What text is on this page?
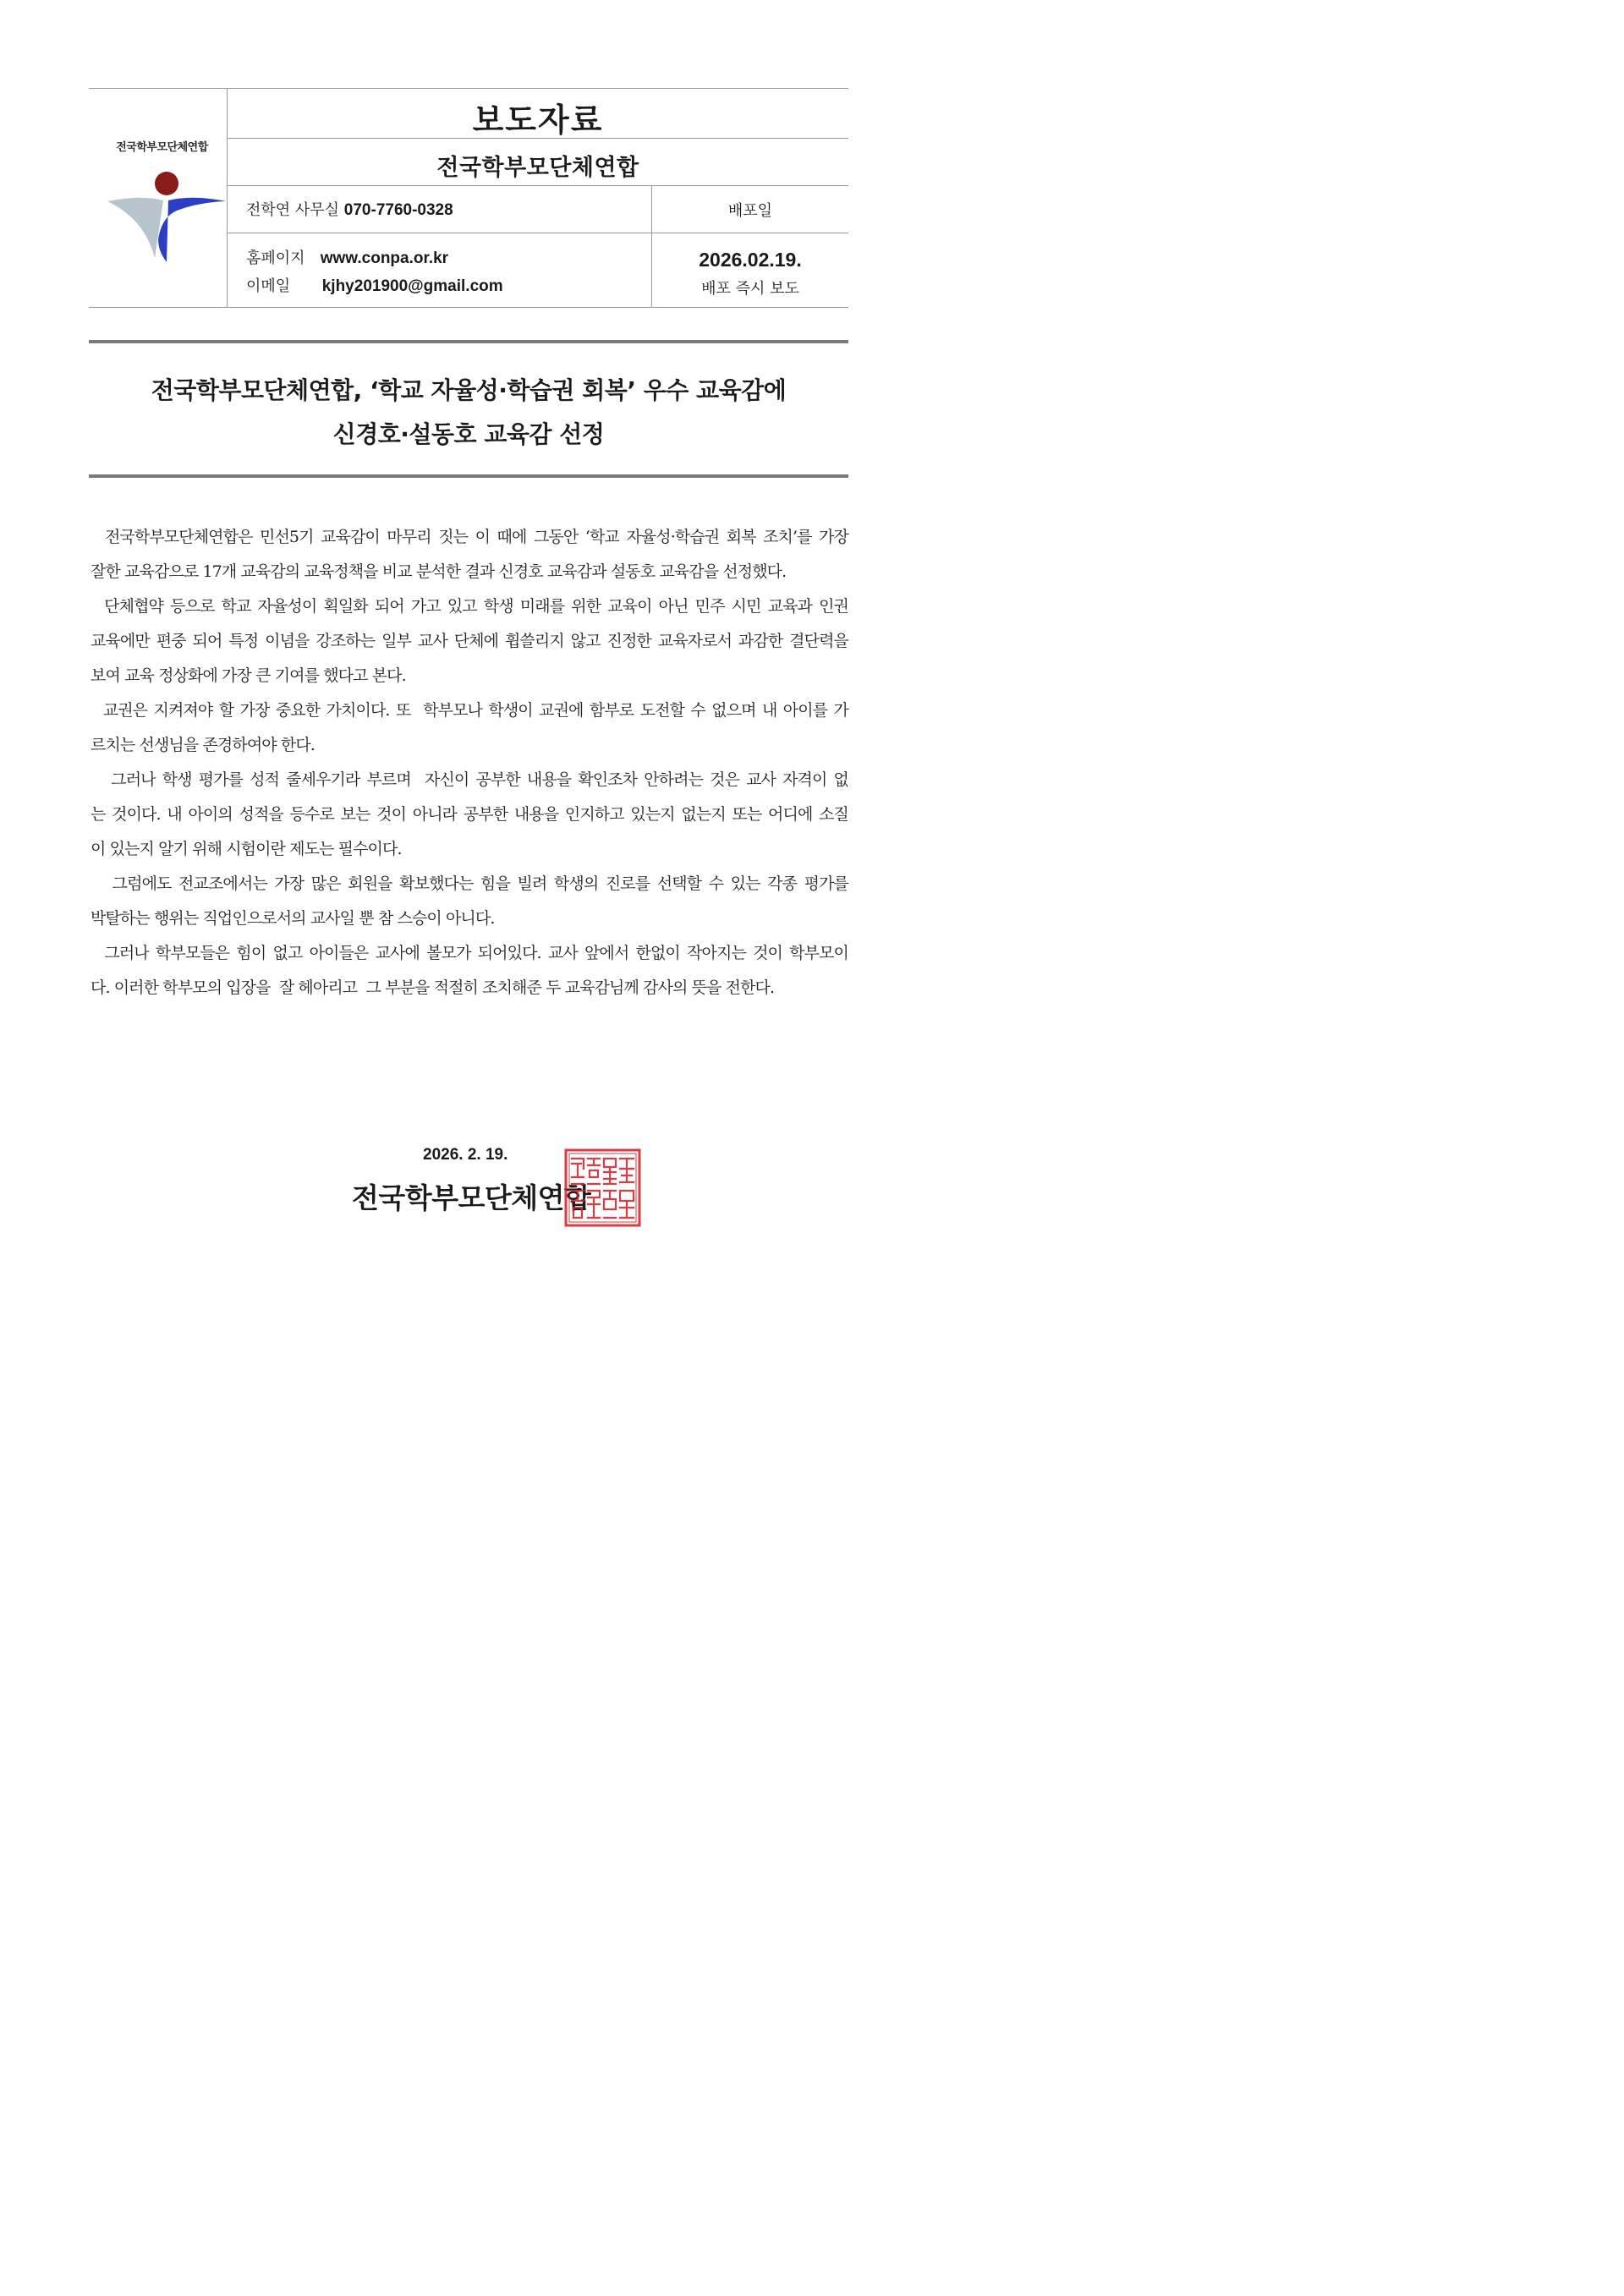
전국학부모단체연합
보도자료
전국학부모단체연합
전학연 사무실 070-7760-0328	배포일
홈페이지 www.conpa.or.kr
이메일 kjhy201900@gmail.com
2026.02.19.
배포 즉시 보도
전국학부모단체연합, ‘학교 자율성·학습권 회복’ 우수 교육감에
신경호·설동호 교육감 선정
전국학부모단체연합은 민선5기 교육감이 마무리 짓는 이 때에 그동안 ‘학교 자율성·학습권 회복 조치’를 가장
잘한 교육감으로 17개 교육감의 교육정책을 비교 분석한 결과 신경호 교육감과 설동호 교육감을 선정했다.
단체협약 등으로 학교 자율성이 획일화 되어 가고 있고 학생 미래를 위한 교육이 아닌 민주 시민 교육과 인권
교육에만 편중 되어 특정 이념을 강조하는 일부 교사 단체에 휩쓸리지 않고 진정한 교육자로서 과감한 결단력을
보여 교육 정상화에 가장 큰 기여를 했다고 본다.
교권은 지켜져야 할 가장 중요한 가치이다. 또  학부모나 학생이 교권에 함부로 도전할 수 없으며 내 아이를 가
르치는 선생님을 존경하여야 한다.
그러나 학생 평가를 성적 줄세우기라 부르며  자신이 공부한 내용을 확인조차 안하려는 것은 교사 자격이 없
는 것이다. 내 아이의 성적을 등수로 보는 것이 아니라 공부한 내용을 인지하고 있는지 없는지 또는 어디에 소질
이 있는지 알기 위해 시험이란 제도는 필수이다.
그럼에도 전교조에서는 가장 많은 회원을 확보했다는 힘을 빌려 학생의 진로를 선택할 수 있는 각종 평가를
박탈하는 행위는 직업인으로서의 교사일 뿐 참 스승이 아니다.
그러나 학부모들은 힘이 없고 아이들은 교사에 볼모가 되어있다. 교사 앞에서 한없이 작아지는 것이 학부모이
다. 이러한 학부모의 입장을  잘 헤아리고  그 부분을 적절히 조치해준 두 교육감님께 감사의 뜻을 전한다.
2026. 2. 19.
전국학부모단체연합
